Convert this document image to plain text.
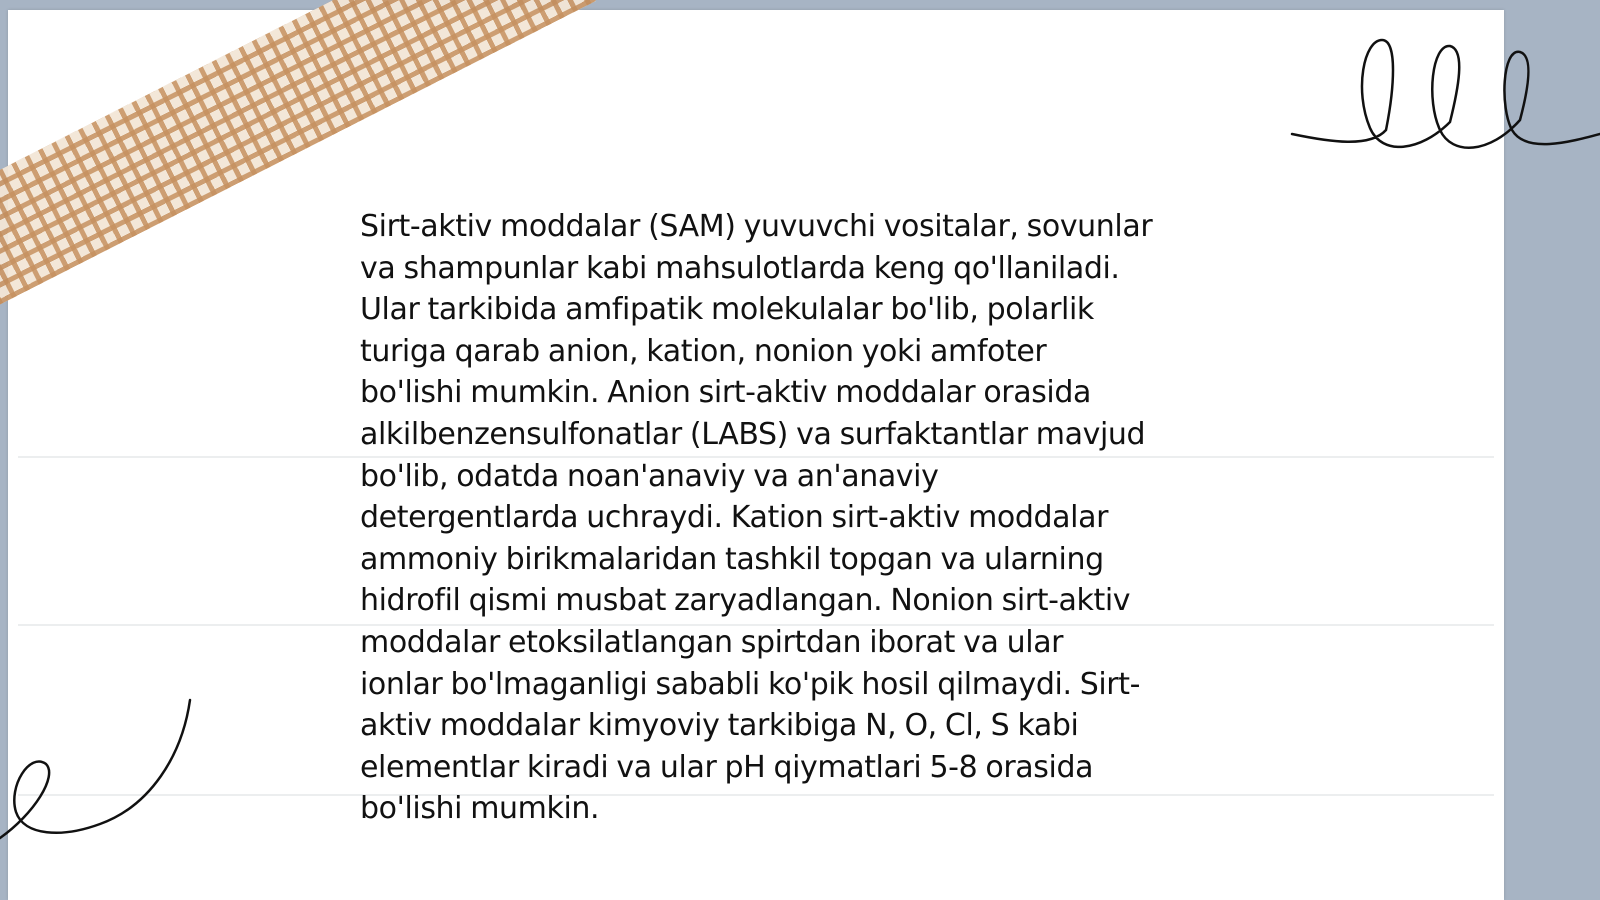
Sirt-aktiv moddalar (SAM) yuvuvchi vositalar, sovunlar
va shampunlar kabi mahsulotlarda keng qo'llaniladi.
Ular tarkibida amfipatik molekulalar bo'lib, polarlik
turiga qarab anion, kation, nonion yoki amfoter
bo'lishi mumkin. Anion sirt-aktiv moddalar orasida
alkilbenzensulfonatlar (LABS) va surfaktantlar mavjud
bo'lib, odatda noan'anaviy va an'anaviy
detergentlarda uchraydi. Kation sirt-aktiv moddalar
ammoniy birikmalaridan tashkil topgan va ularning
hidrofil qismi musbat zaryadlangan. Nonion sirt-aktiv
moddalar etoksilatlangan spirtdan iborat va ular
ionlar bo'lmaganligi sababli ko'pik hosil qilmaydi. Sirt-
aktiv moddalar kimyoviy tarkibiga N, O, Cl, S kabi
elementlar kiradi va ular pH qiymatlari 5-8 orasida
bo'lishi mumkin.
